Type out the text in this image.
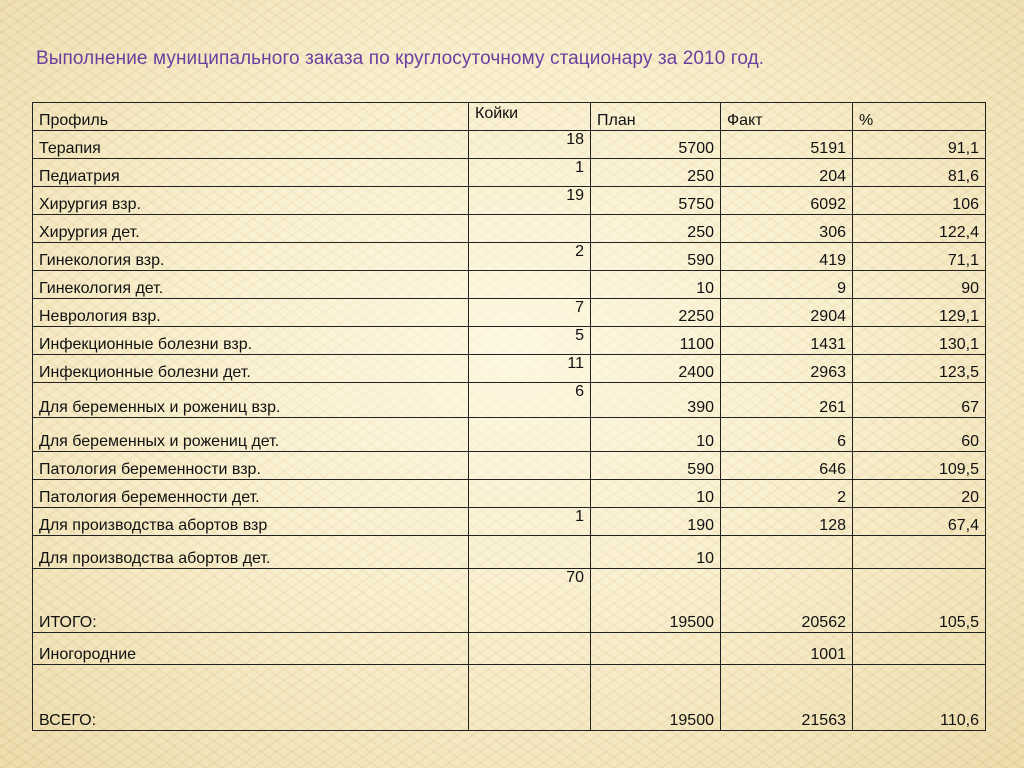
Выполнение муниципального заказа по круглосуточному стационару за 2010 год.
Профиль	Койки	План	Факт	%
Терапия	18	5700	5191	91,1
Педиатрия	1	250	204	81,6
Хирургия взр.	19	5750	6092	106
Хирургия дет.		250	306	122,4
Гинекология взр.	2	590	419	71,1
Гинекология дет.		10	9	90
Неврология взр.	7	2250	2904	129,1
Инфекционные болезни взр.	5	1100	1431	130,1
Инфекционные болезни дет.	11	2400	2963	123,5
Для беременных и рожениц взр.	6	390	261	67
Для беременных и рожениц дет.		10	6	60
Патология беременности взр.		590	646	109,5
Патология беременности дет.		10	2	20
Для производства абортов взр	1	190	128	67,4
Для производства абортов дет.		10		
ИТОГО:	70	19500	20562	105,5
Иногородние			1001	
ВСЕГО:		19500	21563	110,6
